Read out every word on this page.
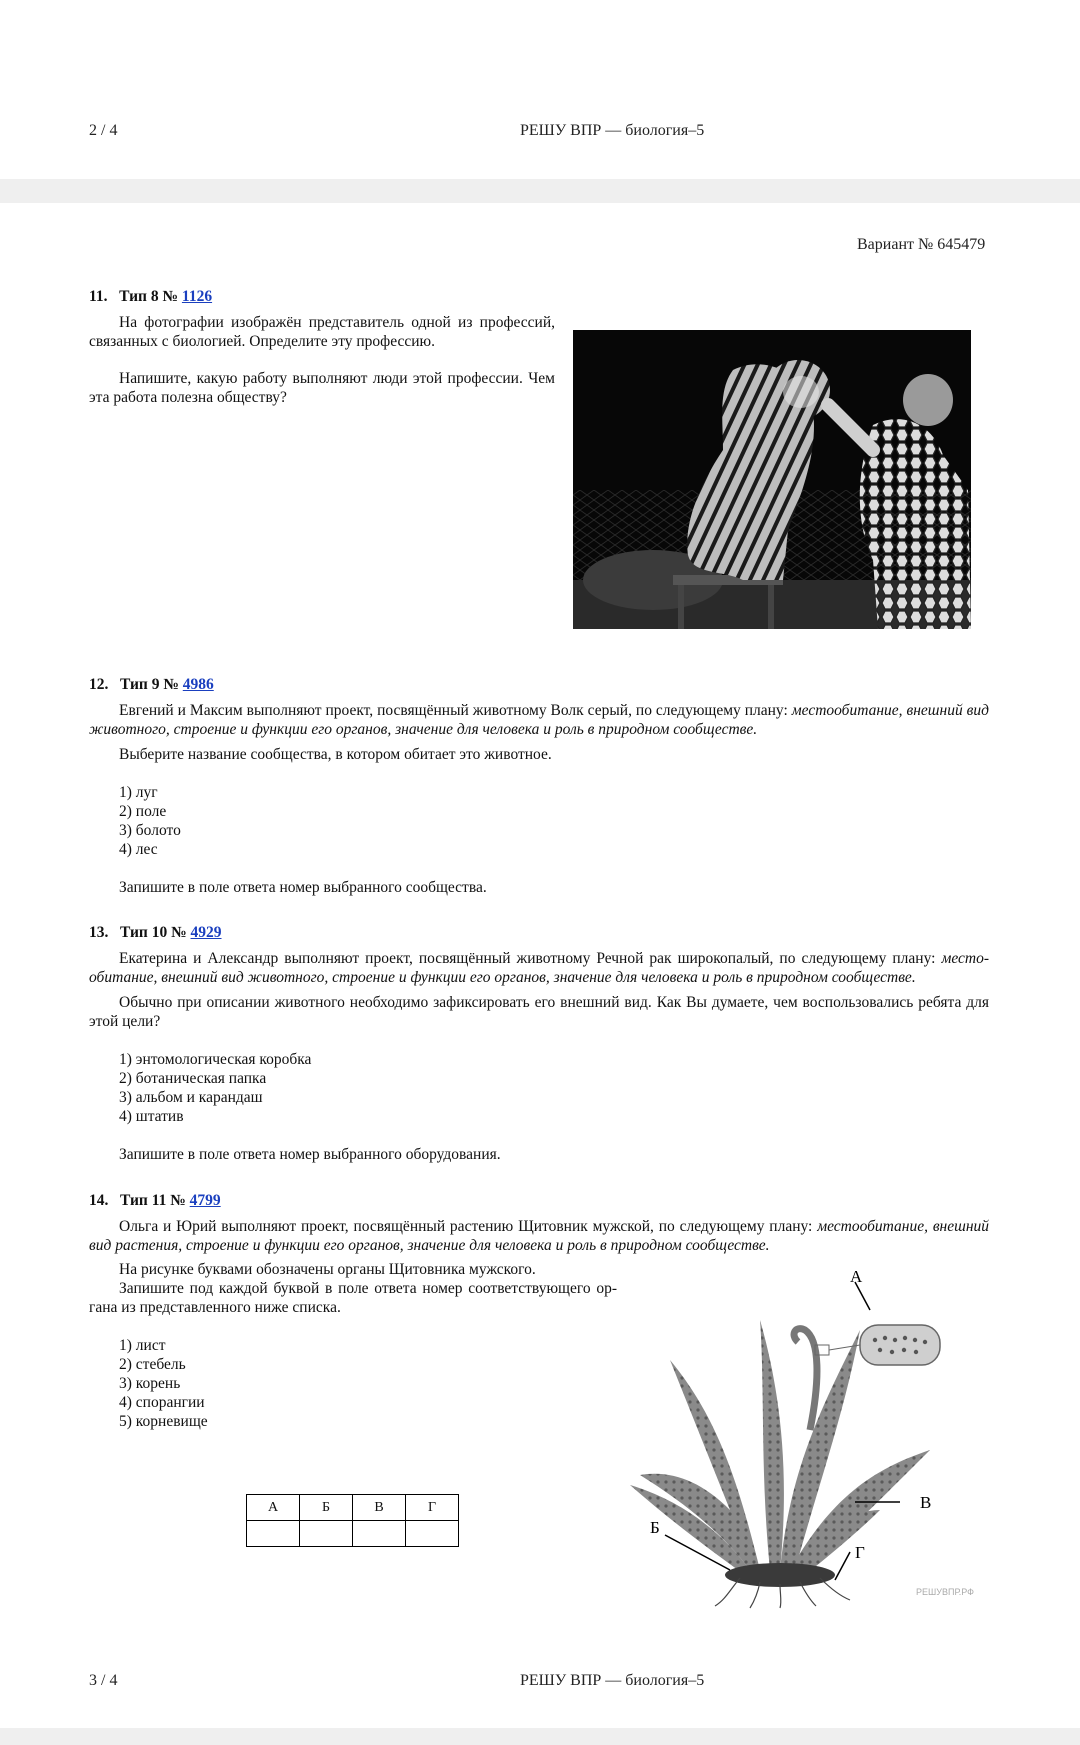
2 / 4	РЕШУ ВПР — биология–5
Вариант № 645479
11. Тип 8 № 1126

На фотографии изображён представитель одной из профессий, связанных с биологией. Определите эту профессию.

Напишите, какую работу выполняют люди этой профессии. Чем эта работа полезна обществу?

12. Тип 9 № 4986

Евгений и Максим выполняют проект, посвящённый животному Волк серый, по следующему плану: местообитание, внешний вид животного, строение и функции его органов, значение для человека и роль в природном сообществе.

Выберите название сообщества, в котором обитает это животное.

1) луг
2) поле
3) болото
4) лес

Запишите в поле ответа номер выбранного сообщества.

13. Тип 10 № 4929

Екатерина и Александр выполняют проект, посвящённый животному Речной рак широкопалый, по следующему плану: местообитание, внешний вид животного, строение и функции его органов, значение для человека и роль в природном сообществе.

Обычно при описании животного необходимо зафиксировать его внешний вид. Как Вы думаете, чем воспользовались ребята для этой цели?

1) энтомологическая коробка
2) ботаническая папка
3) альбом и карандаш
4) штатив

Запишите в поле ответа номер выбранного оборудования.

14. Тип 11 № 4799

Ольга и Юрий выполняют проект, посвящённый растению Щитовник мужской, по следующему плану: местообитание, внешний вид растения, строение и функции его органов, значение для человека и роль в природном сообществе.

На рисунке буквами обозначены органы Щитовника мужского.

Запишите под каждой буквой в поле ответа номер соответствующего органа из представленного ниже списка.

1) лист
2) стебель
3) корень
4) спорангии
5) корневище
А	Б	В	Г

А
Б
В
Г
РЕШУВПР.РФ
3 / 4	РЕШУ ВПР — биология–5
